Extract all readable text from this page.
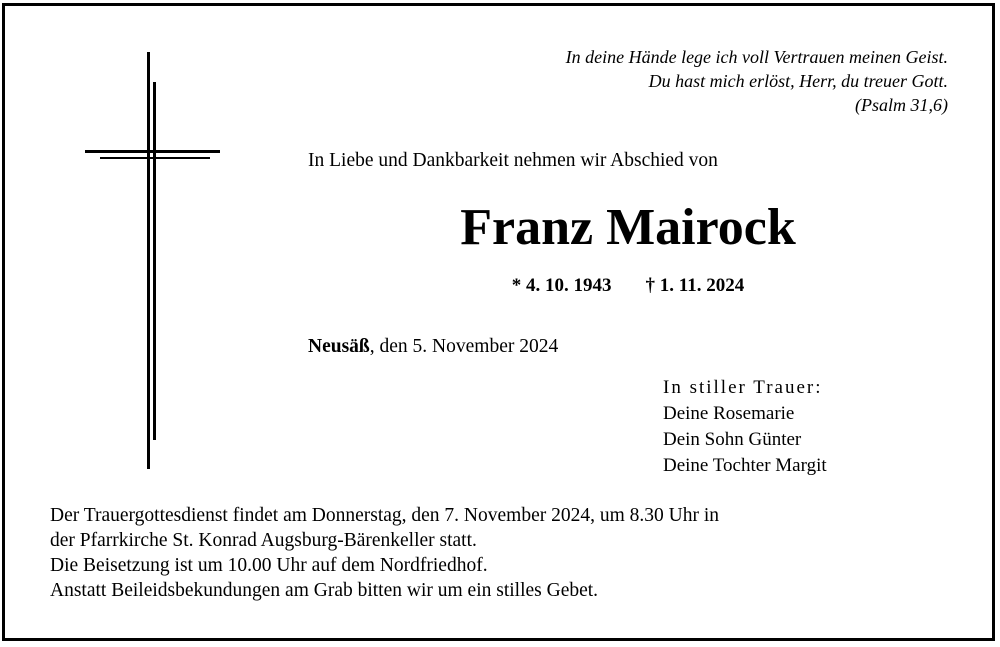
In deine Hände lege ich voll Vertrauen meinen Geist.
Du hast mich erlöst, Herr, du treuer Gott.
(Psalm 31,6)
In Liebe und Dankbarkeit nehmen wir Abschied von
Franz Mairock
* 4. 10. 1943 † 1. 11. 2024
Neusäß, den 5. November 2024
In stiller Trauer:
Deine Rosemarie
Dein Sohn Günter
Deine Tochter Margit
Der Trauergottesdienst findet am Donnerstag, den 7. November 2024, um 8.30 Uhr in
der Pfarrkirche St. Konrad Augsburg-Bärenkeller statt.
Die Beisetzung ist um 10.00 Uhr auf dem Nordfriedhof.
Anstatt Beileidsbekundungen am Grab bitten wir um ein stilles Gebet.
